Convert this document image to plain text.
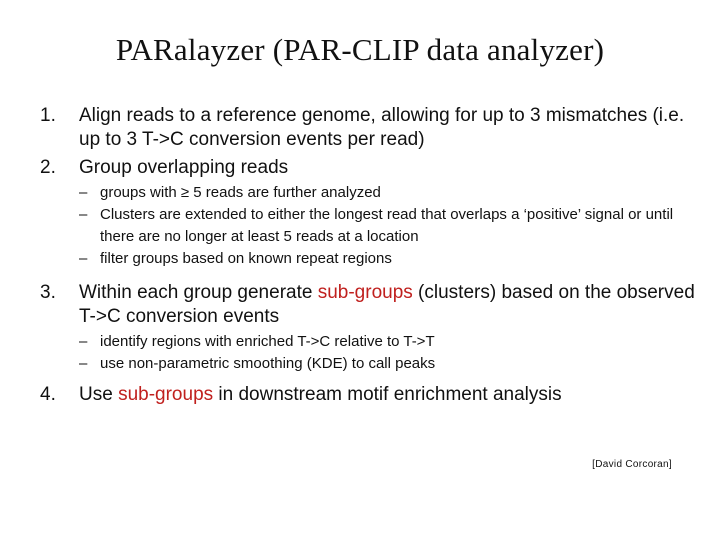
PARalayzer (PAR-CLIP data analyzer)
1. Align reads to a reference genome, allowing for up to 3 mismatches (i.e. up to 3 T->C conversion events per read)
2. Group overlapping reads
– groups with ≥ 5 reads are further analyzed
– Clusters are extended to either the longest read that overlaps a ‘positive’ signal or until there are no longer at least 5 reads at a location
– filter groups based on known repeat regions
3. Within each group generate sub-groups (clusters) based on the observed T->C conversion events
– identify regions with enriched T->C relative to T->T
– use non-parametric smoothing (KDE) to call peaks
4. Use sub-groups in downstream motif enrichment analysis
[David Corcoran]
